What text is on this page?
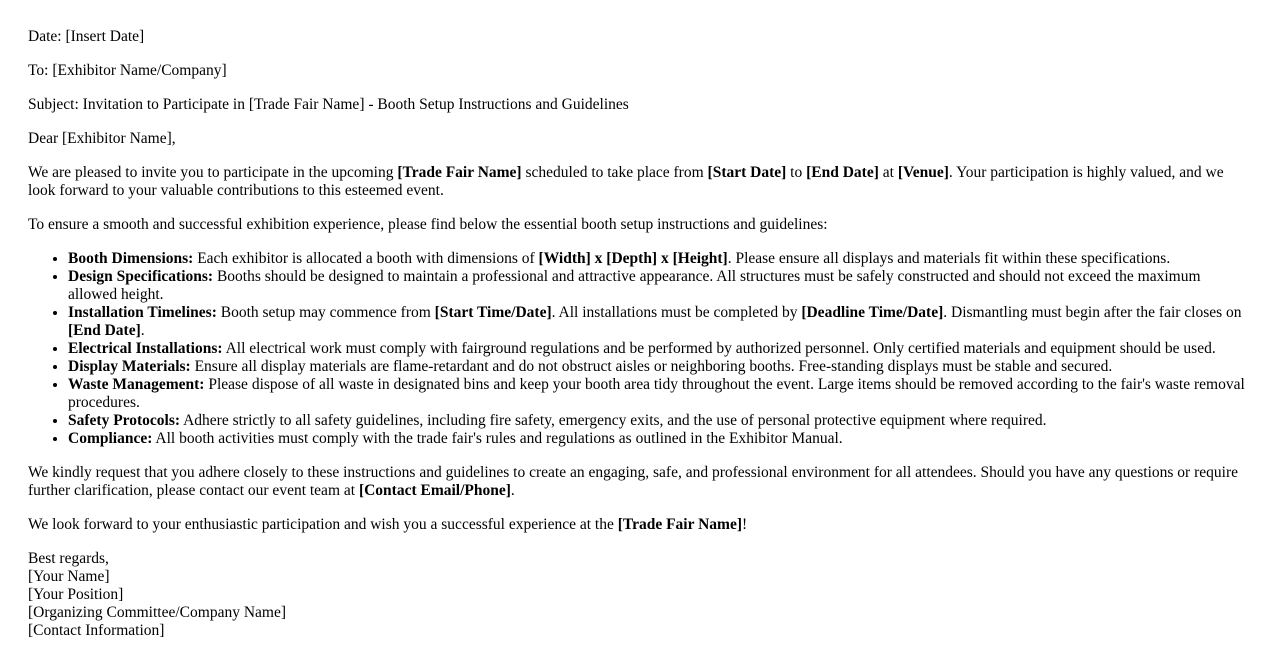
Date: [Insert Date]

To: [Exhibitor Name/Company]

Subject: Invitation to Participate in [Trade Fair Name] - Booth Setup Instructions and Guidelines

Dear [Exhibitor Name],

We are pleased to invite you to participate in the upcoming [Trade Fair Name] scheduled to take place from [Start Date] to [End Date] at [Venue]. Your participation is highly valued, and we look forward to your valuable contributions to this esteemed event.

To ensure a smooth and successful exhibition experience, please find below the essential booth setup instructions and guidelines:

• Booth Dimensions: Each exhibitor is allocated a booth with dimensions of [Width] x [Depth] x [Height]. Please ensure all displays and materials fit within these specifications.
• Design Specifications: Booths should be designed to maintain a professional and attractive appearance. All structures must be safely constructed and should not exceed the maximum allowed height.
• Installation Timelines: Booth setup may commence from [Start Time/Date]. All installations must be completed by [Deadline Time/Date]. Dismantling must begin after the fair closes on [End Date].
• Electrical Installations: All electrical work must comply with fairground regulations and be performed by authorized personnel. Only certified materials and equipment should be used.
• Display Materials: Ensure all display materials are flame-retardant and do not obstruct aisles or neighboring booths. Free-standing displays must be stable and secured.
• Waste Management: Please dispose of all waste in designated bins and keep your booth area tidy throughout the event. Large items should be removed according to the fair's waste removal procedures.
• Safety Protocols: Adhere strictly to all safety guidelines, including fire safety, emergency exits, and the use of personal protective equipment where required.
• Compliance: All booth activities must comply with the trade fair's rules and regulations as outlined in the Exhibitor Manual.

We kindly request that you adhere closely to these instructions and guidelines to create an engaging, safe, and professional environment for all attendees. Should you have any questions or require further clarification, please contact our event team at [Contact Email/Phone].

We look forward to your enthusiastic participation and wish you a successful experience at the [Trade Fair Name]!

Best regards,
[Your Name]
[Your Position]
[Organizing Committee/Company Name]
[Contact Information]
